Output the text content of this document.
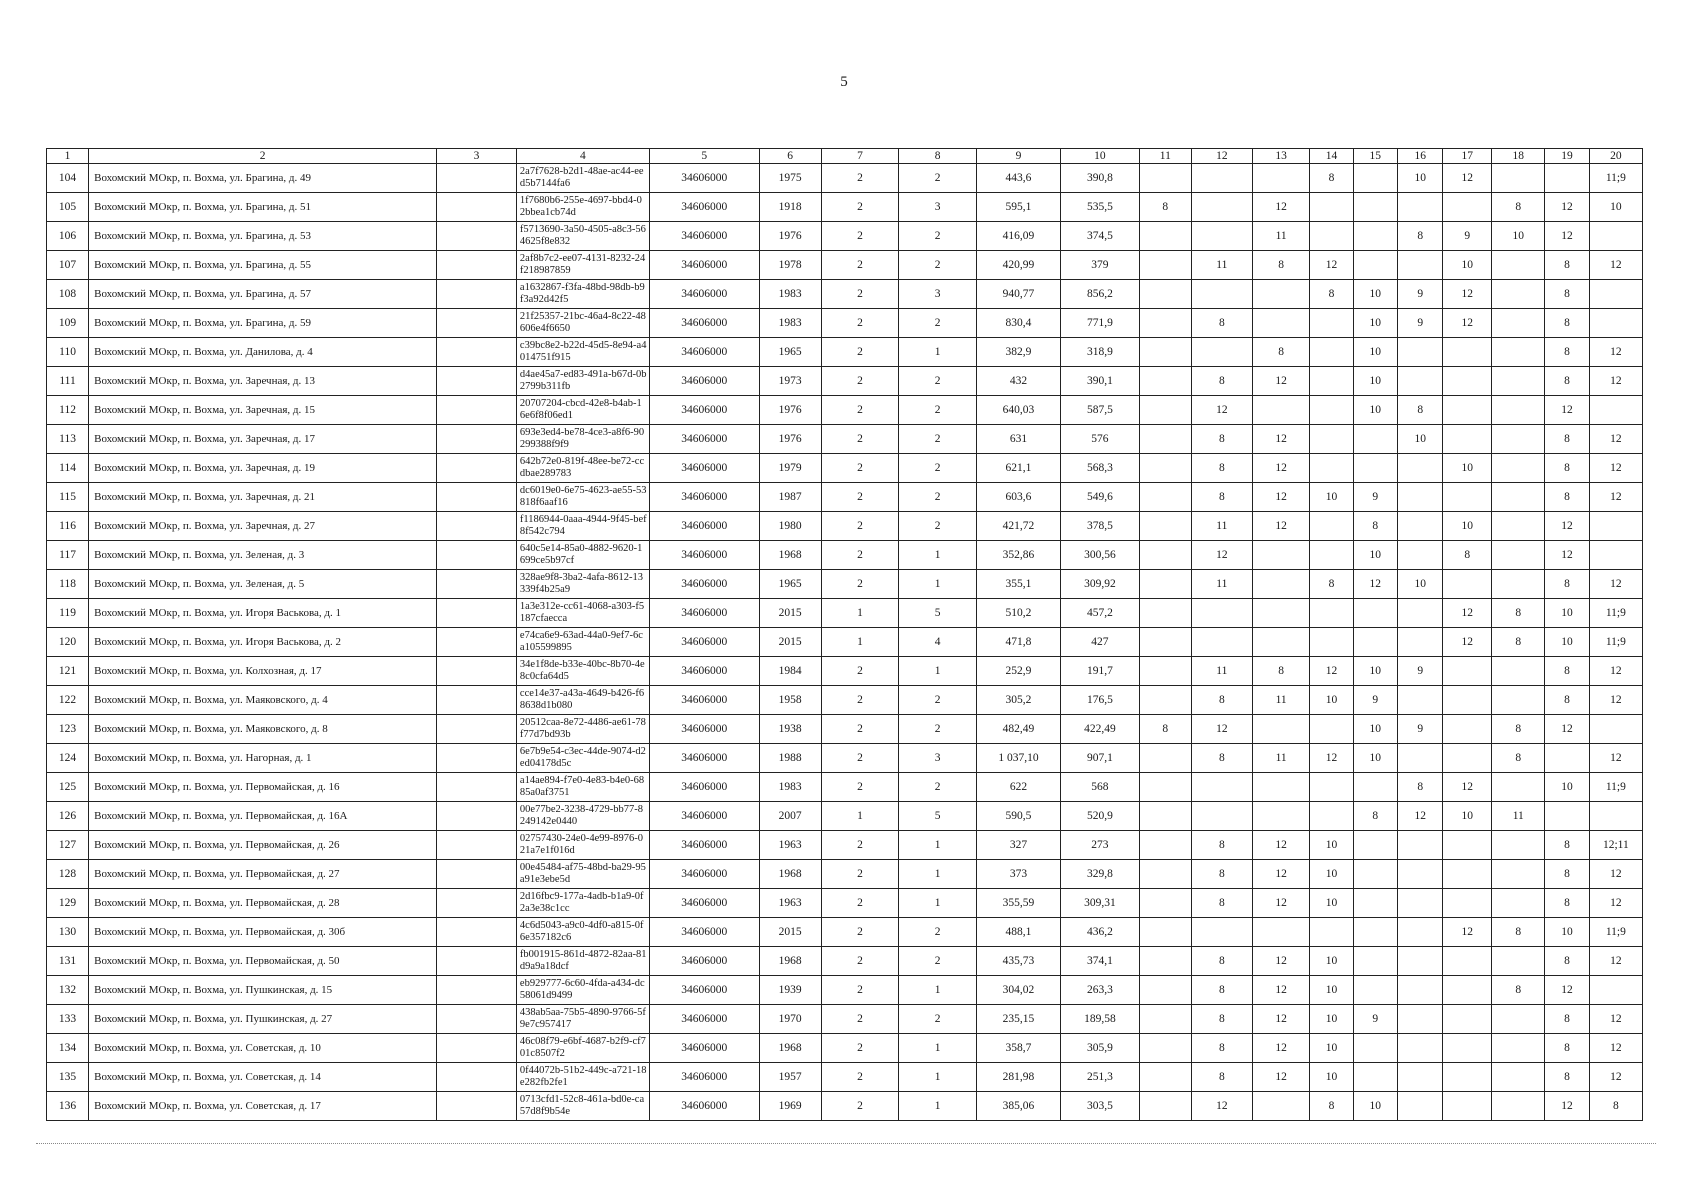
5
1	2	3	4	5	6	7	8	9	10	11	12	13	14	15	16	17	18	19	20
104	Вохомский МОкр, п. Вохма, ул. Брагина, д. 49		2a7f7628-b2d1-48ae-ac44-eed5b7144fa6	34606000	1975	2	2	443,6	390,8				8		10	12			11;9
105	Вохомский МОкр, п. Вохма, ул. Брагина, д. 51		1f7680b6-255e-4697-bbd4-02bbea1cb74d	34606000	1918	2	3	595,1	535,5	8		12					8	12	10
106	Вохомский МОкр, п. Вохма, ул. Брагина, д. 53		f5713690-3a50-4505-a8c3-564625f8e832	34606000	1976	2	2	416,09	374,5			11			8	9	10	12	
107	Вохомский МОкр, п. Вохма, ул. Брагина, д. 55		2af8b7c2-ee07-4131-8232-24f218987859	34606000	1978	2	2	420,99	379		11	8	12			10		8	12
108	Вохомский МОкр, п. Вохма, ул. Брагина, д. 57		a1632867-f3fa-48bd-98db-b9f3a92d42f5	34606000	1983	2	3	940,77	856,2				8	10	9	12		8	
109	Вохомский МОкр, п. Вохма, ул. Брагина, д. 59		21f25357-21bc-46a4-8c22-48606e4f6650	34606000	1983	2	2	830,4	771,9		8			10	9	12		8	
110	Вохомский МОкр, п. Вохма, ул. Данилова, д. 4		c39bc8e2-b22d-45d5-8e94-a4014751f915	34606000	1965	2	1	382,9	318,9			8		10				8	12
111	Вохомский МОкр, п. Вохма, ул. Заречная, д. 13		d4ae45a7-ed83-491a-b67d-0b2799b311fb	34606000	1973	2	2	432	390,1		8	12		10				8	12
112	Вохомский МОкр, п. Вохма, ул. Заречная, д. 15		20707204-cbcd-42e8-b4ab-16e6f8f06ed1	34606000	1976	2	2	640,03	587,5		12			10	8			12	
113	Вохомский МОкр, п. Вохма, ул. Заречная, д. 17		693e3ed4-be78-4ce3-a8f6-90299388f9f9	34606000	1976	2	2	631	576		8	12			10			8	12
114	Вохомский МОкр, п. Вохма, ул. Заречная, д. 19		642b72e0-819f-48ee-be72-ccdbae289783	34606000	1979	2	2	621,1	568,3		8	12				10		8	12
115	Вохомский МОкр, п. Вохма, ул. Заречная, д. 21		dc6019e0-6e75-4623-ae55-53818f6aaf16	34606000	1987	2	2	603,6	549,6		8	12	10	9				8	12
116	Вохомский МОкр, п. Вохма, ул. Заречная, д. 27		f1186944-0aaa-4944-9f45-bef8f542c794	34606000	1980	2	2	421,72	378,5		11	12		8		10		12	
117	Вохомский МОкр, п. Вохма, ул. Зеленая, д. 3		640c5e14-85a0-4882-9620-1699ce5b97cf	34606000	1968	2	1	352,86	300,56		12			10		8		12	
118	Вохомский МОкр, п. Вохма, ул. Зеленая, д. 5		328ae9f8-3ba2-4afa-8612-13339f4b25a9	34606000	1965	2	1	355,1	309,92		11		8	12	10			8	12
119	Вохомский МОкр, п. Вохма, ул. Игоря Васькова, д. 1		1a3e312e-cc61-4068-a303-f5187cfaecca	34606000	2015	1	5	510,2	457,2							12	8	10	11;9
120	Вохомский МОкр, п. Вохма, ул. Игоря Васькова, д. 2		e74ca6e9-63ad-44a0-9ef7-6ca105599895	34606000	2015	1	4	471,8	427							12	8	10	11;9
121	Вохомский МОкр, п. Вохма, ул. Колхозная, д. 17		34e1f8de-b33e-40bc-8b70-4e8c0cfa64d5	34606000	1984	2	1	252,9	191,7		11	8	12	10	9			8	12
122	Вохомский МОкр, п. Вохма, ул. Маяковского, д. 4		cce14e37-a43a-4649-b426-f68638d1b080	34606000	1958	2	2	305,2	176,5		8	11	10	9				8	12
123	Вохомский МОкр, п. Вохма, ул. Маяковского, д. 8		20512caa-8e72-4486-ae61-78f77d7bd93b	34606000	1938	2	2	482,49	422,49	8	12			10	9		8	12	
124	Вохомский МОкр, п. Вохма, ул. Нагорная, д. 1		6e7b9e54-c3ec-44de-9074-d2ed04178d5c	34606000	1988	2	3	1 037,10	907,1		8	11	12	10			8		12
125	Вохомский МОкр, п. Вохма, ул. Первомайская, д. 16		a14ae894-f7e0-4e83-b4e0-6885a0af3751	34606000	1983	2	2	622	568						8	12		10	11;9
126	Вохомский МОкр, п. Вохма, ул. Первомайская, д. 16А		00e77be2-3238-4729-bb77-8249142e0440	34606000	2007	1	5	590,5	520,9					8	12	10	11		
127	Вохомский МОкр, п. Вохма, ул. Первомайская, д. 26		02757430-24e0-4e99-8976-021a7e1f016d	34606000	1963	2	1	327	273		8	12	10					8	12;11
128	Вохомский МОкр, п. Вохма, ул. Первомайская, д. 27		00e45484-af75-48bd-ba29-95a91e3ebe5d	34606000	1968	2	1	373	329,8		8	12	10					8	12
129	Вохомский МОкр, п. Вохма, ул. Первомайская, д. 28		2d16fbc9-177a-4adb-b1a9-0f2a3e38c1cc	34606000	1963	2	1	355,59	309,31		8	12	10					8	12
130	Вохомский МОкр, п. Вохма, ул. Первомайская, д. 30б		4c6d5043-a9c0-4df0-a815-0f6e357182c6	34606000	2015	2	2	488,1	436,2							12	8	10	11;9
131	Вохомский МОкр, п. Вохма, ул. Первомайская, д. 50		fb001915-861d-4872-82aa-81d9a9a18dcf	34606000	1968	2	2	435,73	374,1		8	12	10					8	12
132	Вохомский МОкр, п. Вохма, ул. Пушкинская, д. 15		eb929777-6c60-4fda-a434-dc58061d9499	34606000	1939	2	1	304,02	263,3		8	12	10				8	12	
133	Вохомский МОкр, п. Вохма, ул. Пушкинская, д. 27		438ab5aa-75b5-4890-9766-5f9e7c957417	34606000	1970	2	2	235,15	189,58		8	12	10	9				8	12
134	Вохомский МОкр, п. Вохма, ул. Советская, д. 10		46c08f79-e6bf-4687-b2f9-cf701c8507f2	34606000	1968	2	1	358,7	305,9		8	12	10					8	12
135	Вохомский МОкр, п. Вохма, ул. Советская, д. 14		0f44072b-51b2-449c-a721-18e282fb2fe1	34606000	1957	2	1	281,98	251,3		8	12	10					8	12
136	Вохомский МОкр, п. Вохма, ул. Советская, д. 17		0713cfd1-52c8-461a-bd0e-ca57d8f9b54e	34606000	1969	2	1	385,06	303,5		12		8	10				12	8
